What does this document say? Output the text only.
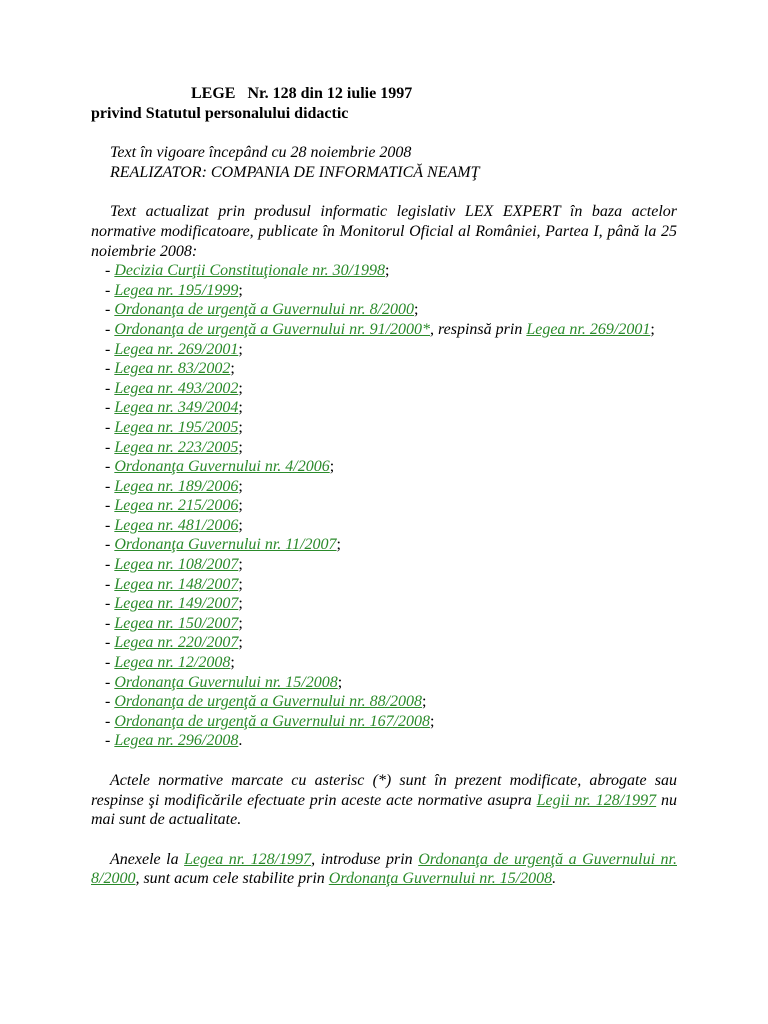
LEGE   Nr. 128 din 12 iulie 1997
privind Statutul personalului didactic

Text în vigoare începând cu 28 noiembrie 2008

REALIZATOR: COMPANIA DE INFORMATICĂ NEAMŢ

Text actualizat prin produsul informatic legislativ LEX EXPERT în baza actelor normative modificatoare, publicate în Monitorul Oficial al României, Partea I, până la 25 noiembrie 2008:

- Decizia Curţii Constituţionale nr. 30/1998;

- Legea nr. 195/1999;

- Ordonanţa de urgenţă a Guvernului nr. 8/2000;

- Ordonanţa de urgenţă a Guvernului nr. 91/2000*, respinsă prin Legea nr. 269/2001;

- Legea nr. 269/2001;

- Legea nr. 83/2002;

- Legea nr. 493/2002;

- Legea nr. 349/2004;

- Legea nr. 195/2005;

- Legea nr. 223/2005;

- Ordonanţa Guvernului nr. 4/2006;

- Legea nr. 189/2006;

- Legea nr. 215/2006;

- Legea nr. 481/2006;

- Ordonanţa Guvernului nr. 11/2007;

- Legea nr. 108/2007;

- Legea nr. 148/2007;

- Legea nr. 149/2007;

- Legea nr. 150/2007;

- Legea nr. 220/2007;

- Legea nr. 12/2008;

- Ordonanţa Guvernului nr. 15/2008;

- Ordonanţa de urgenţă a Guvernului nr. 88/2008;

- Ordonanţa de urgenţă a Guvernului nr. 167/2008;

- Legea nr. 296/2008.

Actele normative marcate cu asterisc (*) sunt în prezent modificate, abrogate sau respinse şi modificările efectuate prin aceste acte normative asupra Legii nr. 128/1997 nu mai sunt de actualitate.

Anexele la Legea nr. 128/1997, introduse prin Ordonanţa de urgenţă a Guvernului nr. 8/2000, sunt acum cele stabilite prin Ordonanţa Guvernului nr. 15/2008.
